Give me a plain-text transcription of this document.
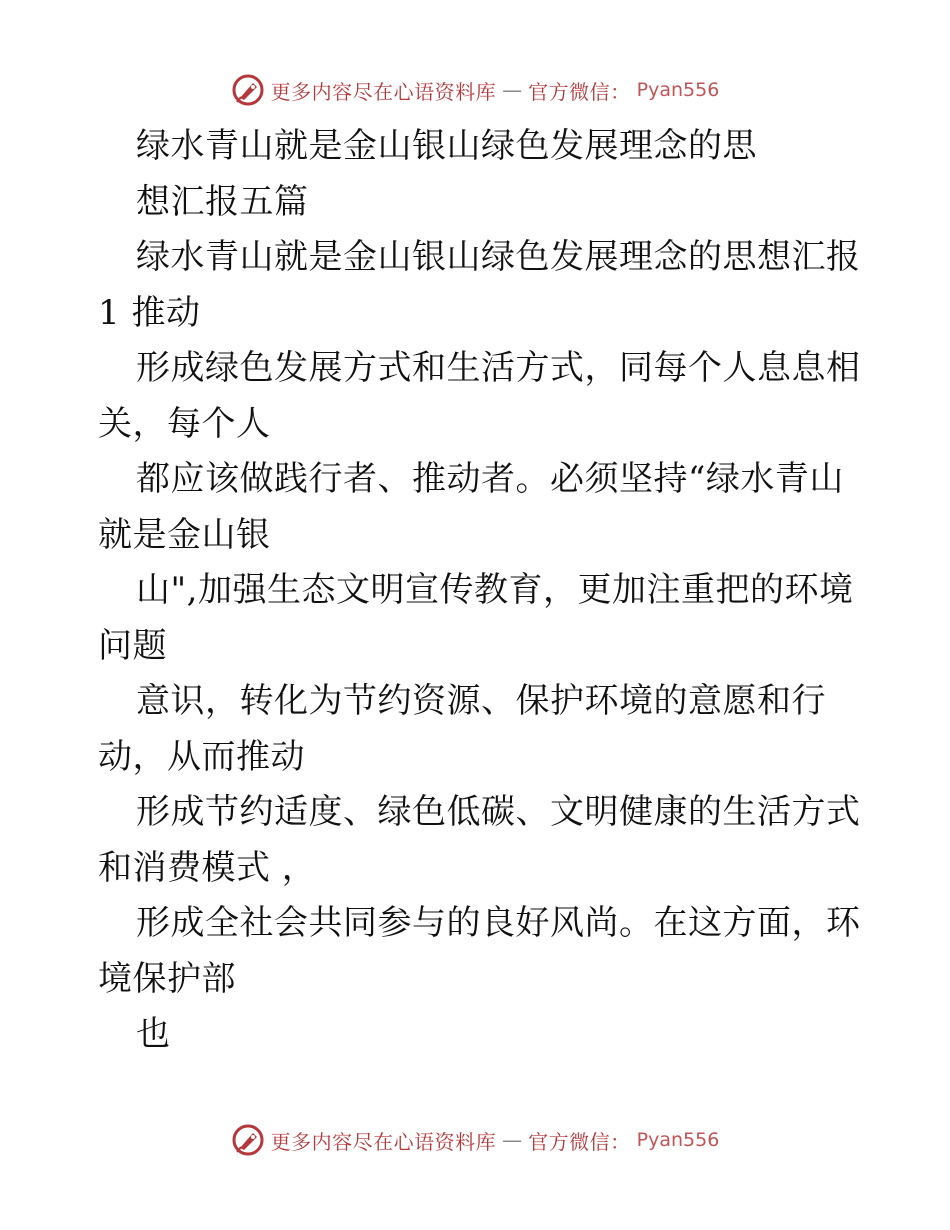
更多内容尽在心语资料库 — 官方微信： Pyan556
绿水青山就是金山银山绿色发展理念的思
想汇报五篇
绿水青山就是金山银山绿色发展理念的思想汇报
1 推动
形成绿色发展方式和生活方式，同每个人息息相
关，每个人
都应该做践行者、推动者。必须坚持“绿水青山
就是金山银
山",加强生态文明宣传教育，更加注重把的环境
问题
意识，转化为节约资源、保护环境的意愿和行
动，从而推动
形成节约适度、绿色低碳、文明健康的生活方式
和消费模式 ，
形成全社会共同参与的良好风尚。在这方面，环
境保护部
也
更多内容尽在心语资料库 — 官方微信： Pyan556
